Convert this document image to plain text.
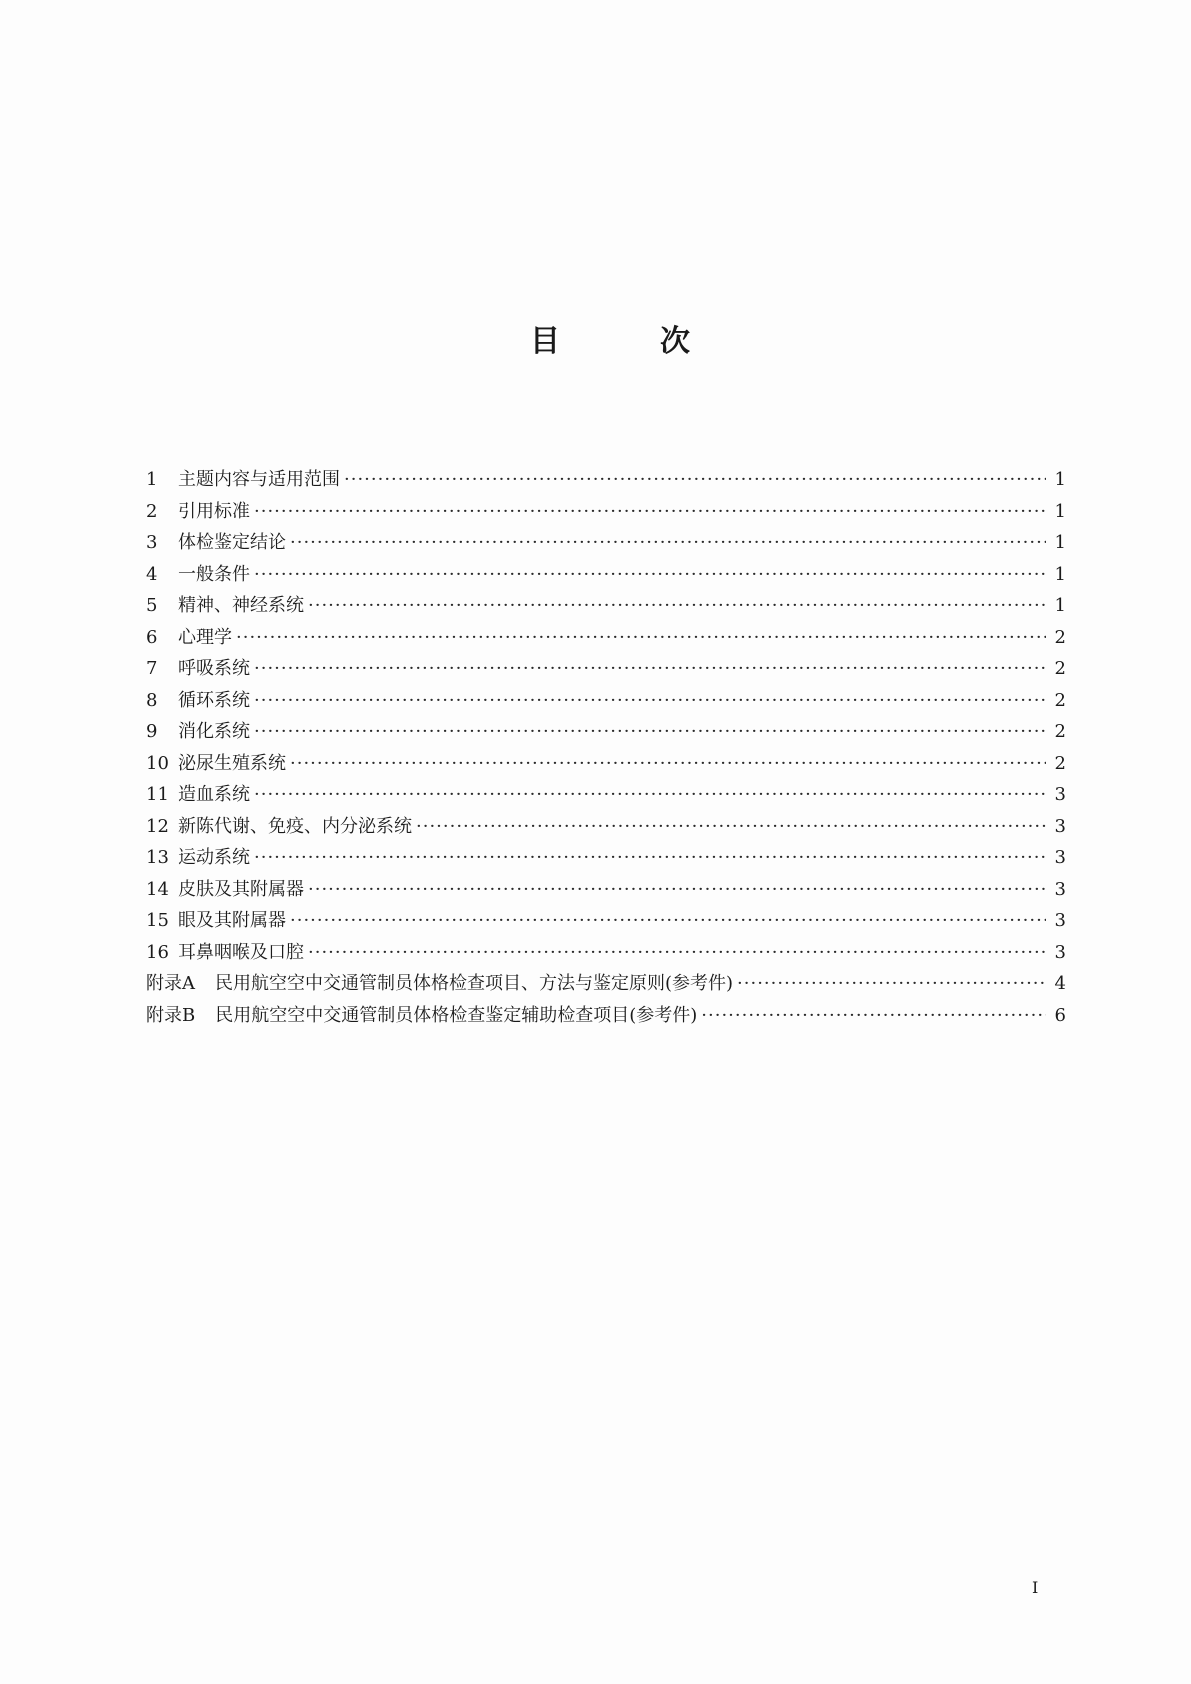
目	次
1	主题内容与适用范围 ·····	1
2	引用标准 ·····	1
3	体检鉴定结论 ·····	1
4	一般条件 ·····	1
5	精神、神经系统 ·····	1
6	心理学 ·····	2
7	呼吸系统 ·····	2
8	循环系统 ·····	2
9	消化系统 ·····	2
10 泌尿生殖系统 ·····	2
11 造血系统 ·····	3
12 新陈代谢、免疫、内分泌系统 ·····	3
13 运动系统 ·····	3
14 皮肤及其附属器 ·····	3
15 眼及其附属器 ·····	3
16 耳鼻咽喉及口腔 ·····	3
附录A 民用航空空中交通管制员体格检查项目、方法与鉴定原则(参考件) ·····	4
附录B 民用航空空中交通管制员体格检查鉴定辅助检查项目(参考件) ·····	6
I
